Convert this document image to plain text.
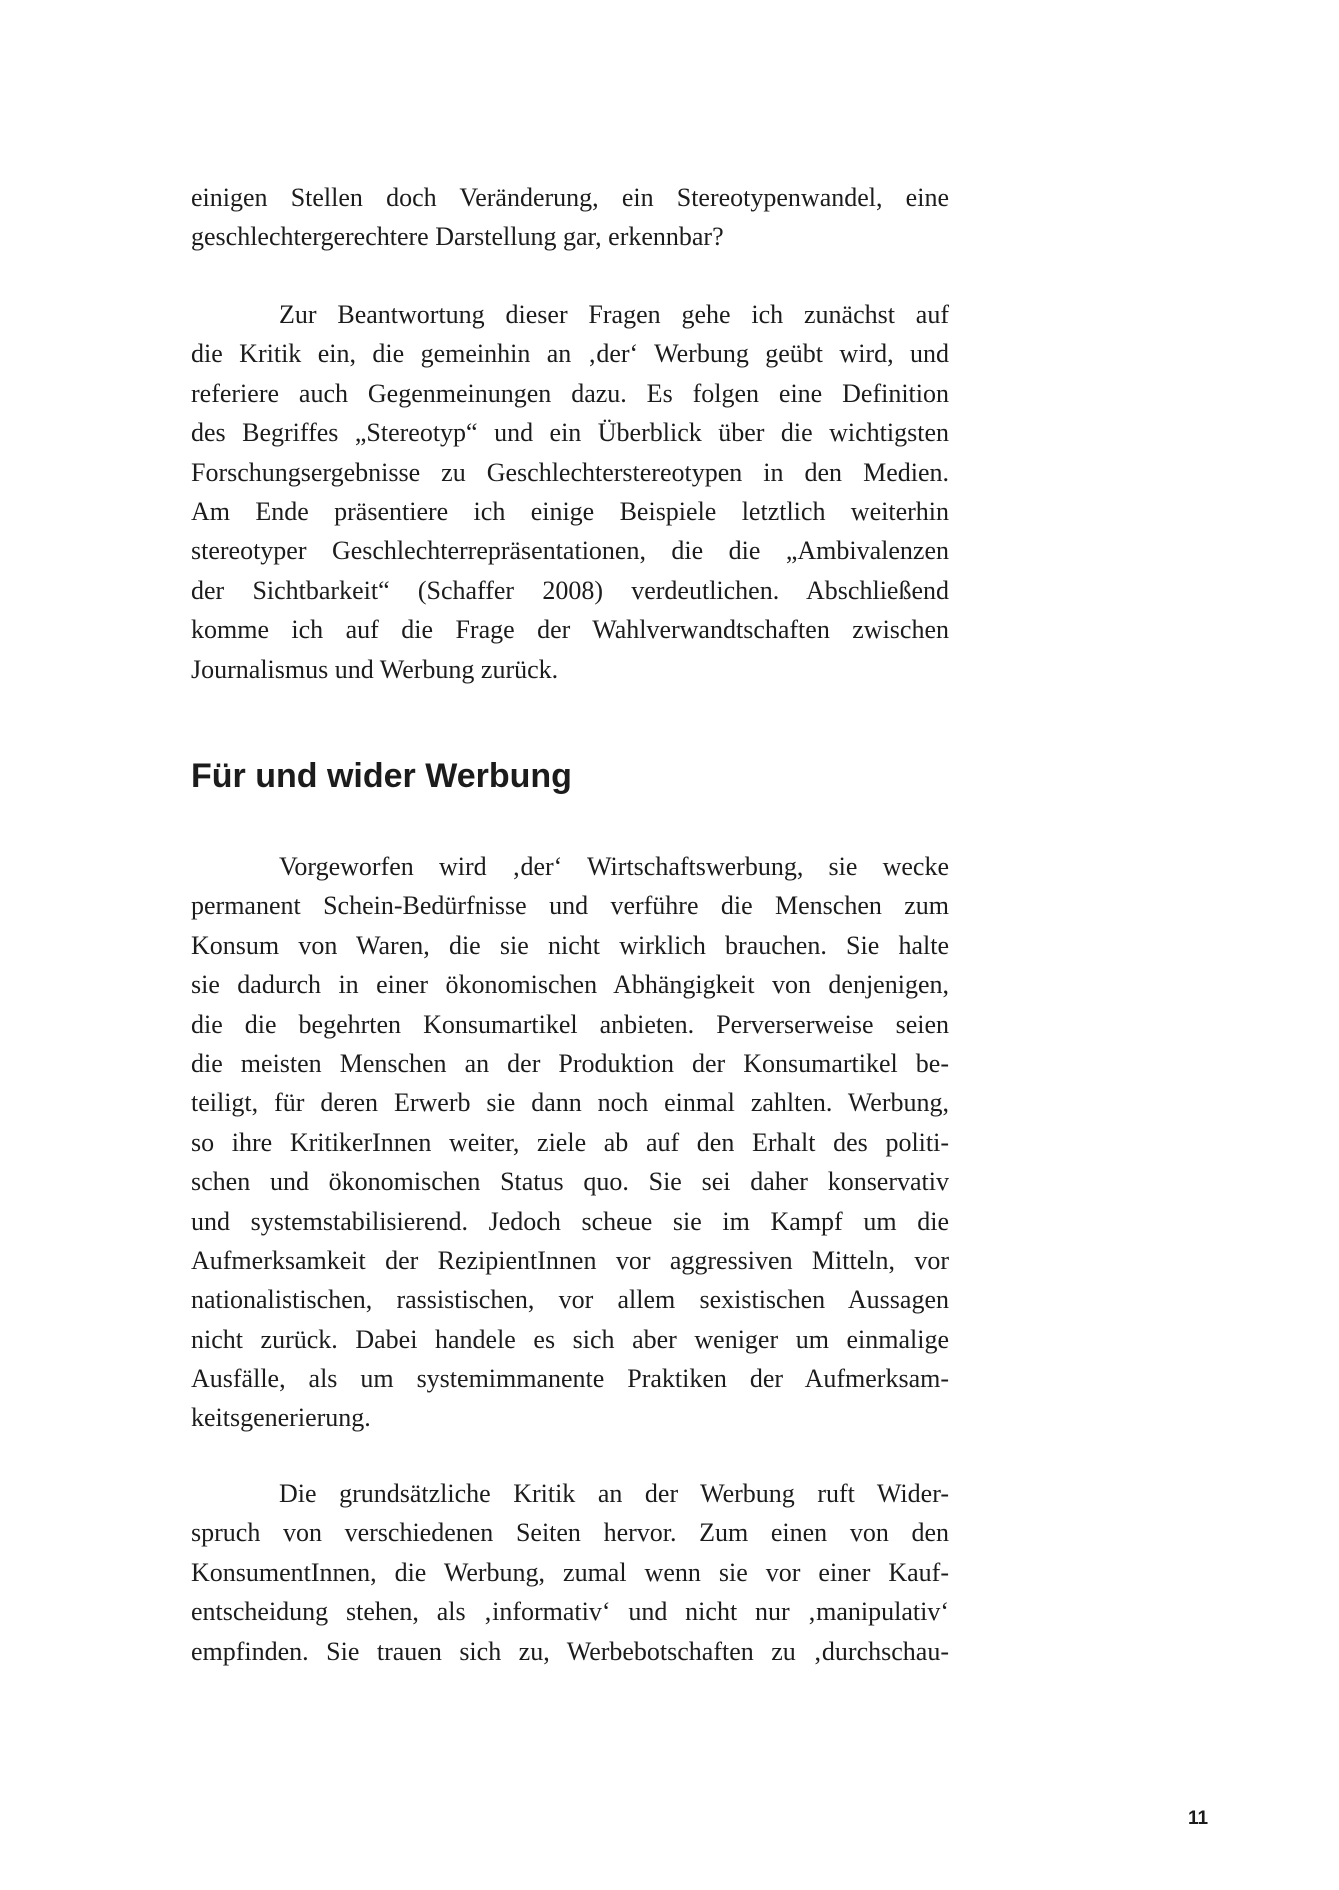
einigen Stellen doch Veränderung, ein Stereotypenwandel, eine
geschlechtergerechtere Darstellung gar, erkennbar?
Zur Beantwortung dieser Fragen gehe ich zunächst auf
die Kritik ein, die gemeinhin an ‚der‘ Werbung geübt wird, und
referiere auch Gegenmeinungen dazu. Es folgen eine Definition
des Begriffes „Stereotyp“ und ein Überblick über die wichtigsten
Forschungsergebnisse zu Geschlechterstereotypen in den Medien.
Am Ende präsentiere ich einige Beispiele letztlich weiterhin
stereotyper Geschlechterrepräsentationen, die die „Ambivalenzen
der Sichtbarkeit“ (Schaffer 2008) verdeutlichen. Abschließend
komme ich auf die Frage der Wahlverwandtschaften zwischen
Journalismus und Werbung zurück.
Für und wider Werbung
Vorgeworfen wird ‚der‘ Wirtschaftswerbung, sie wecke
permanent Schein-Bedürfnisse und verführe die Menschen zum
Konsum von Waren, die sie nicht wirklich brauchen. Sie halte
sie dadurch in einer ökonomischen Abhängigkeit von denjenigen,
die die begehrten Konsumartikel anbieten. Perverserweise seien
die meisten Menschen an der Produktion der Konsumartikel be-
teiligt, für deren Erwerb sie dann noch einmal zahlten. Werbung,
so ihre KritikerInnen weiter, ziele ab auf den Erhalt des politi-
schen und ökonomischen Status quo. Sie sei daher konservativ
und systemstabilisierend. Jedoch scheue sie im Kampf um die
Aufmerksamkeit der RezipientInnen vor aggressiven Mitteln, vor
nationalistischen, rassistischen, vor allem sexistischen Aussagen
nicht zurück. Dabei handele es sich aber weniger um einmalige
Ausfälle, als um systemimmanente Praktiken der Aufmerksam-
keitsgenerierung.
Die grundsätzliche Kritik an der Werbung ruft Wider-
spruch von verschiedenen Seiten hervor. Zum einen von den
KonsumentInnen, die Werbung, zumal wenn sie vor einer Kauf-
entscheidung stehen, als ‚informativ‘ und nicht nur ‚manipulativ‘
empfinden. Sie trauen sich zu, Werbebotschaften zu ‚durchschau-
11
